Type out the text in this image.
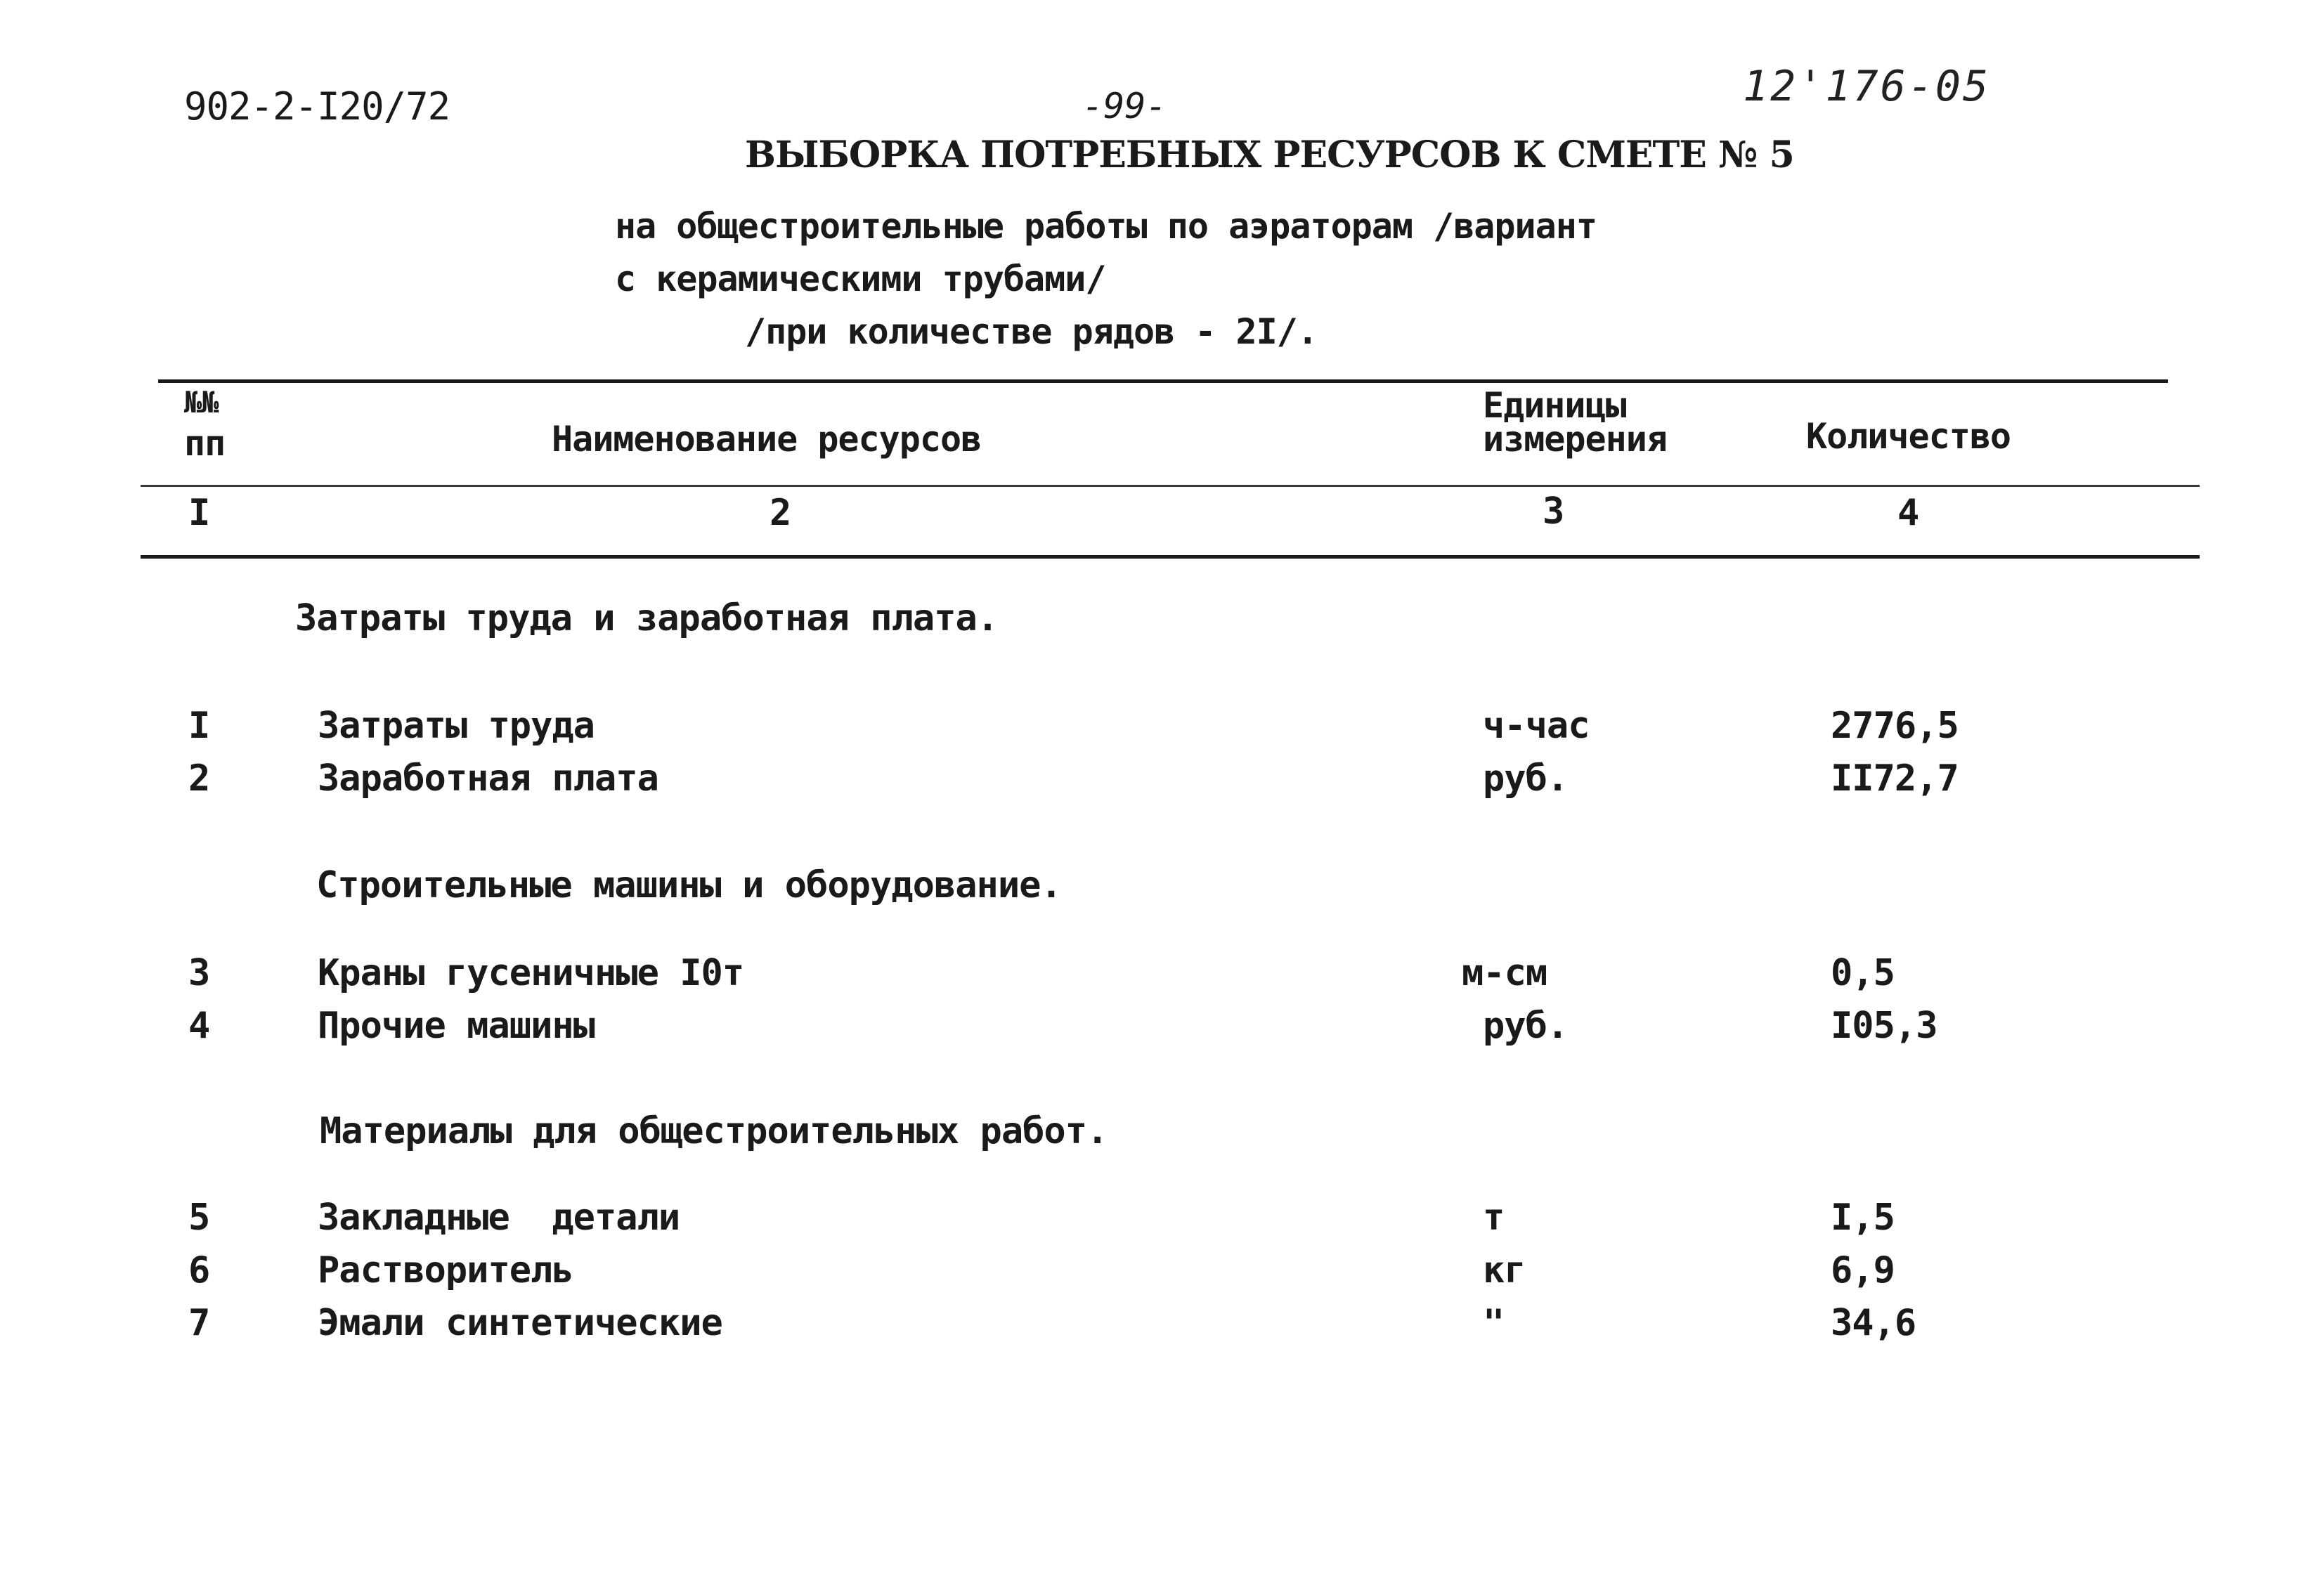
902-2-I20/72	-99-	12'176-05
ВЫБОРКА ПОТРЕБНЫХ РЕСУРСОВ К СМЕТЕ № 5
на общестроительные работы по аэраторам /вариант
с керамическими трубами/
/при количестве рядов - 2I/.
№№
пп	Наименование ресурсов
Единицы
измерения	Количество
I	2	3	4
Затраты труда и заработная плата.
I	Затраты труда	ч-час	2776,5
2	Заработная плата	руб.	II72,7
Строительные машины и оборудование.
3	Краны гусеничные I0т	м-см	0,5
4	Прочие машины	руб.	I05,3
Материалы для общестроительных работ.
5	Закладные  детали	т	I,5
6	Растворитель	кг	6,9
7	Эмали синтетические	"	34,6
